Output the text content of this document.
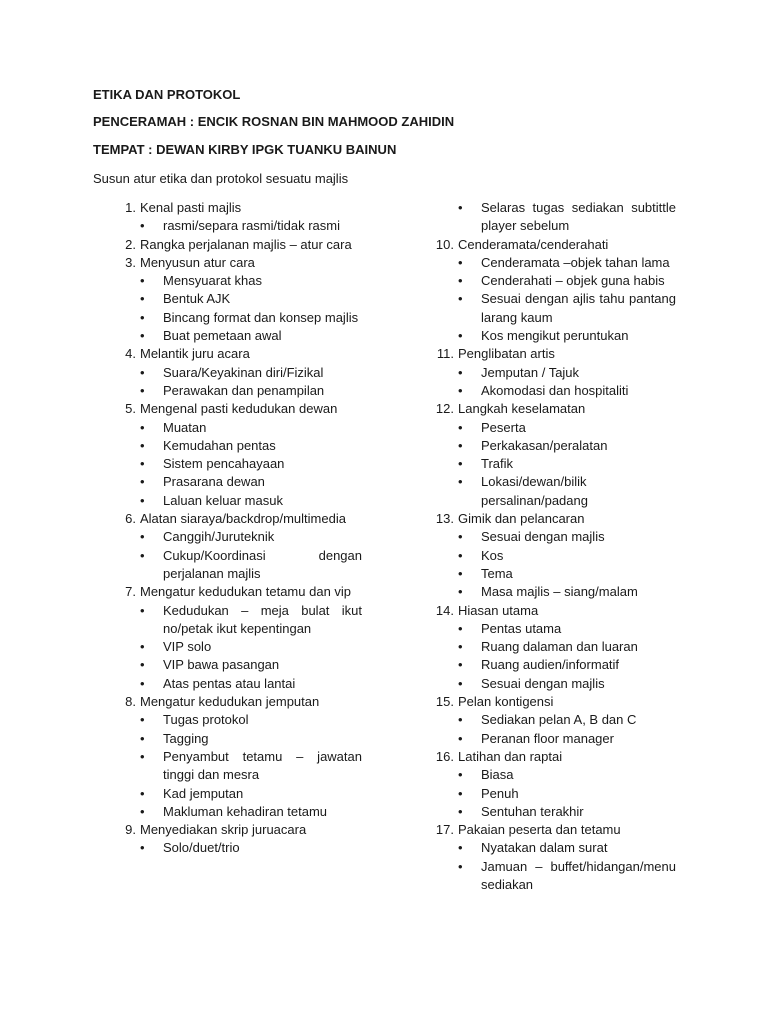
ETIKA DAN PROTOKOL
PENCERAMAH : ENCIK ROSNAN BIN MAHMOOD ZAHIDIN
TEMPAT : DEWAN KIRBY IPGK TUANKU BAINUN
Susun atur etika dan protokol sesuatu majlis
1. Kenal pasti majlis
• rasmi/separa rasmi/tidak rasmi
2. Rangka perjalanan majlis – atur cara
3. Menyusun atur cara
• Mensyuarat khas
• Bentuk AJK
• Bincang format dan konsep majlis
• Buat pemetaan awal
4. Melantik juru acara
• Suara/Keyakinan diri/Fizikal
• Perawakan dan penampilan
5. Mengenal pasti kedudukan dewan
• Muatan
• Kemudahan pentas
• Sistem pencahayaan
• Prasarana dewan
• Laluan keluar masuk
6. Alatan siaraya/backdrop/multimedia
• Canggih/Juruteknik
• Cukup/Koordinasi dengan perjalanan majlis
7. Mengatur kedudukan tetamu dan vip
• Kedudukan – meja bulat ikut no/petak ikut kepentingan
• VIP solo
• VIP bawa pasangan
• Atas pentas atau lantai
8. Mengatur kedudukan jemputan
• Tugas protokol
• Tagging
• Penyambut tetamu – jawatan tinggi dan mesra
• Kad jemputan
• Makluman kehadiran tetamu
9. Menyediakan skrip juruacara
• Solo/duet/trio
• Selaras tugas sediakan subtittle player sebelum
10. Cenderamata/cenderahati
• Cenderamata –objek tahan lama
• Cenderahati – objek guna habis
• Sesuai dengan ajlis tahu pantang larang kaum
• Kos mengikut peruntukan
11. Penglibatan artis
• Jemputan / Tajuk
• Akomodasi dan hospitaliti
12. Langkah keselamatan
• Peserta
• Perkakasan/peralatan
• Trafik
• Lokasi/dewan/bilik persalinan/padang
13. Gimik dan pelancaran
• Sesuai dengan majlis
• Kos
• Tema
• Masa majlis – siang/malam
14. Hiasan utama
• Pentas utama
• Ruang dalaman dan luaran
• Ruang audien/informatif
• Sesuai dengan majlis
15. Pelan kontigensi
• Sediakan pelan A, B dan C
• Peranan floor manager
16. Latihan dan raptai
• Biasa
• Penuh
• Sentuhan terakhir
17. Pakaian peserta dan tetamu
• Nyatakan dalam surat
• Jamuan – buffet/hidangan/menu sediakan
